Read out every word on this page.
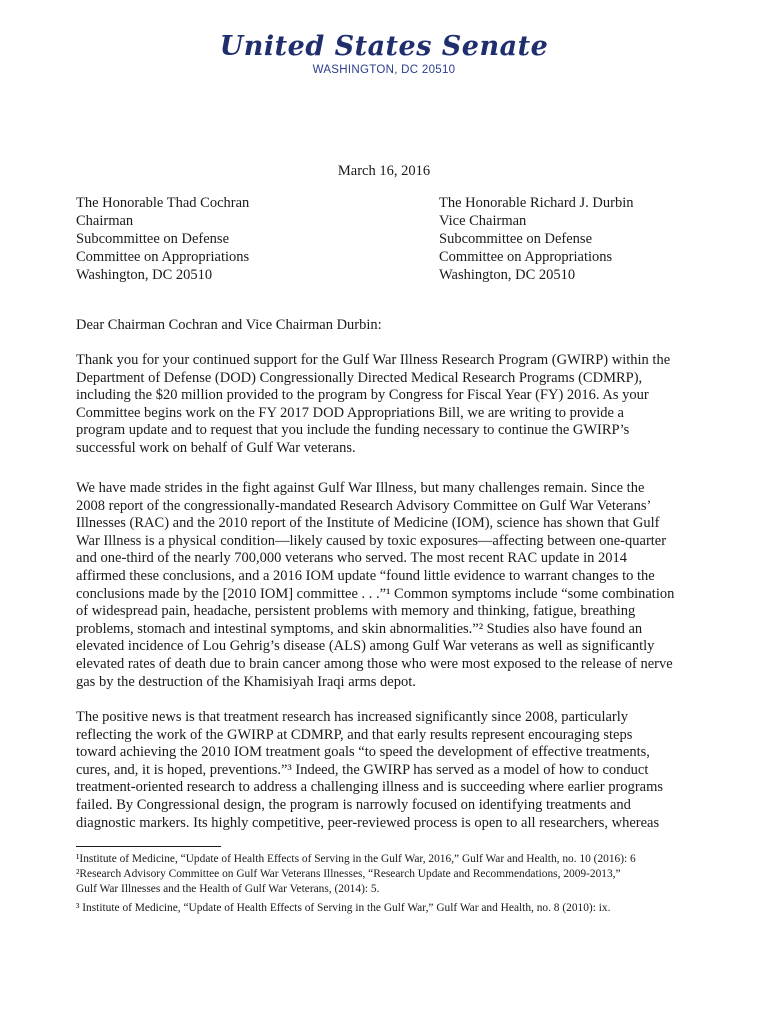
United States Senate
WASHINGTON, DC 20510
March 16, 2016
The Honorable Thad Cochran
Chairman
Subcommittee on Defense
Committee on Appropriations
Washington, DC 20510
The Honorable Richard J. Durbin
Vice Chairman
Subcommittee on Defense
Committee on Appropriations
Washington, DC 20510
Dear Chairman Cochran and Vice Chairman Durbin:
Thank you for your continued support for the Gulf War Illness Research Program (GWIRP) within the
Department of Defense (DOD) Congressionally Directed Medical Research Programs (CDMRP),
including the $20 million provided to the program by Congress for Fiscal Year (FY) 2016. As your
Committee begins work on the FY 2017 DOD Appropriations Bill, we are writing to provide a
program update and to request that you include the funding necessary to continue the GWIRP’s
successful work on behalf of Gulf War veterans.
We have made strides in the fight against Gulf War Illness, but many challenges remain. Since the
2008 report of the congressionally-mandated Research Advisory Committee on Gulf War Veterans’
Illnesses (RAC) and the 2010 report of the Institute of Medicine (IOM), science has shown that Gulf
War Illness is a physical condition—likely caused by toxic exposures—affecting between one-quarter
and one-third of the nearly 700,000 veterans who served. The most recent RAC update in 2014
affirmed these conclusions, and a 2016 IOM update “found little evidence to warrant changes to the
conclusions made by the [2010 IOM] committee . . .”¹ Common symptoms include “some combination
of widespread pain, headache, persistent problems with memory and thinking, fatigue, breathing
problems, stomach and intestinal symptoms, and skin abnormalities.”² Studies also have found an
elevated incidence of Lou Gehrig’s disease (ALS) among Gulf War veterans as well as significantly
elevated rates of death due to brain cancer among those who were most exposed to the release of nerve
gas by the destruction of the Khamisiyah Iraqi arms depot.
The positive news is that treatment research has increased significantly since 2008, particularly
reflecting the work of the GWIRP at CDMRP, and that early results represent encouraging steps
toward achieving the 2010 IOM treatment goals “to speed the development of effective treatments,
cures, and, it is hoped, preventions.”³ Indeed, the GWIRP has served as a model of how to conduct
treatment-oriented research to address a challenging illness and is succeeding where earlier programs
failed. By Congressional design, the program is narrowly focused on identifying treatments and
diagnostic markers. Its highly competitive, peer-reviewed process is open to all researchers, whereas
¹Institute of Medicine, “Update of Health Effects of Serving in the Gulf War, 2016,” Gulf War and Health, no. 10 (2016): 6
²Research Advisory Committee on Gulf War Veterans Illnesses, “Research Update and Recommendations, 2009-2013,”
Gulf War Illnesses and the Health of Gulf War Veterans, (2014): 5.
³ Institute of Medicine, “Update of Health Effects of Serving in the Gulf War,” Gulf War and Health, no. 8 (2010): ix.
